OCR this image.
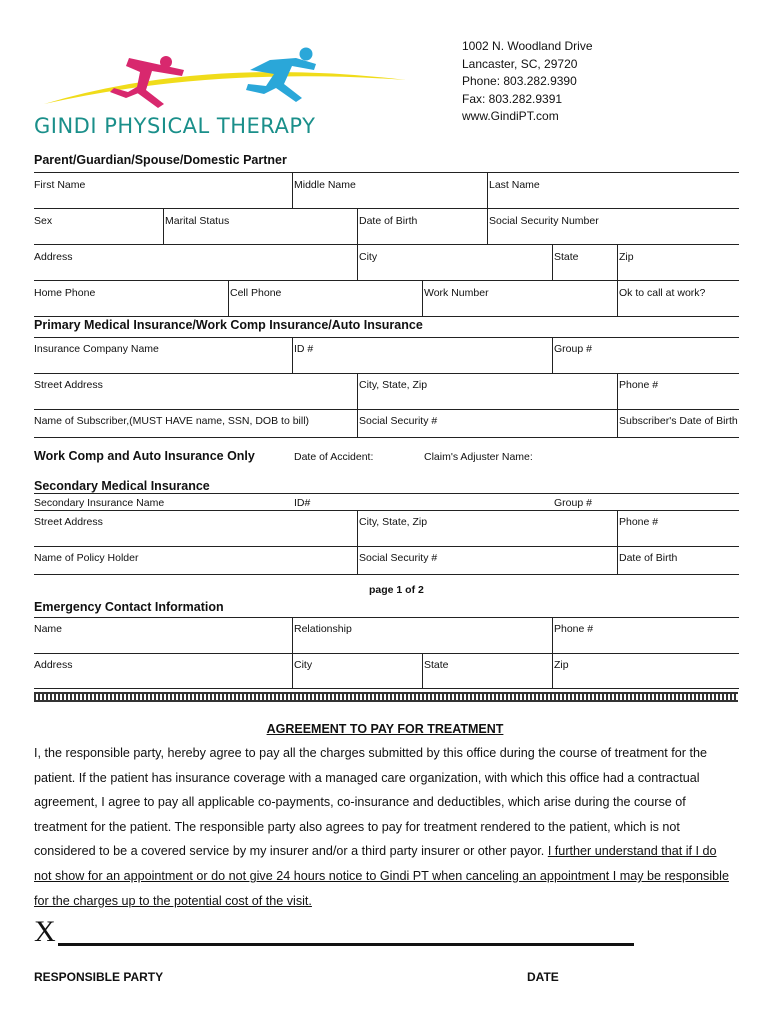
GINDI PHYSICAL THERAPY
1002 N. Woodland Drive
Lancaster, SC, 29720
Phone: 803.282.9390
Fax: 803.282.9391
www.GindiPT.com
Parent/Guardian/Spouse/Domestic Partner
First Name	Middle Name	Last Name
Sex	Marital Status	Date of Birth	Social Security Number
Address	City	State	Zip
Home Phone	Cell Phone	Work Number	Ok to call at work?
Primary Medical Insurance/Work Comp Insurance/Auto Insurance
Insurance Company Name	ID #	Group #
Street Address	City, State, Zip	Phone #
Name of Subscriber,(MUST HAVE name, SSN, DOB to bill)	Social Security #	Subscriber's Date of Birth
Work Comp and Auto Insurance Only	Date of Accident:	Claim's Adjuster Name:
Secondary Medical Insurance
Secondary Insurance Name	ID#	Group #
Street Address	City, State, Zip	Phone #
Name of Policy Holder	Social Security #	Date of Birth
page 1 of 2
Emergency Contact Information
Name	Relationship	Phone #
Address	City	State	Zip
AGREEMENT TO PAY FOR TREATMENT
I, the responsible party, hereby agree to pay all the charges submitted by this office during the course of treatment for the patient. If the patient has insurance coverage with a managed care organization, with which this office had a contractual agreement, I agree to pay all applicable co-payments, co-insurance and deductibles, which arise during the course of treatment for the patient. The responsible party also agrees to pay for treatment rendered to the patient, which is not considered to be a covered service by my insurer and/or a third party insurer or other payor. I further understand that if I do not show for an appointment or do not give 24 hours notice to Gindi PT when canceling an appointment I may be responsible for the charges up to the potential cost of the visit.
X
RESPONSIBLE PARTY	DATE
